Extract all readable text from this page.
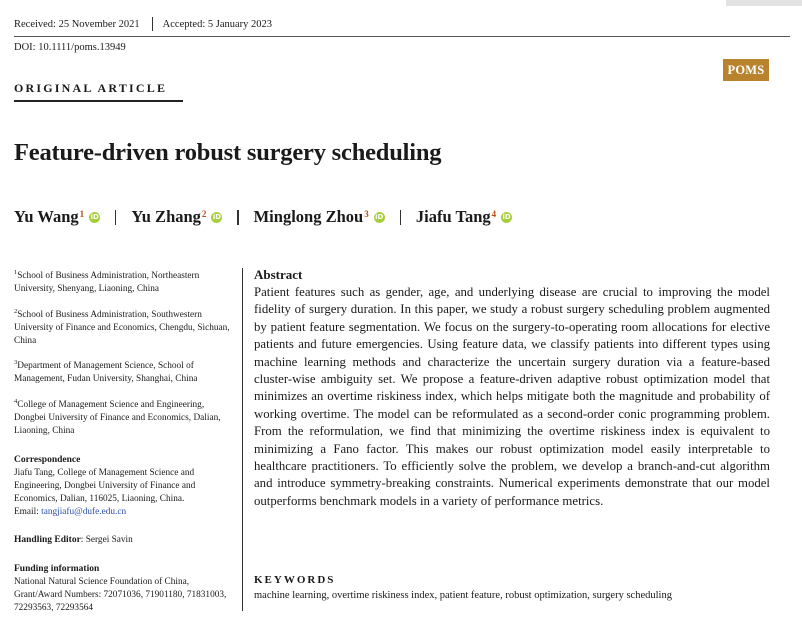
Received: 25 November 2021 Accepted: 5 January 2023
DOI: 10.1111/poms.13949
POMS
ORIGINAL ARTICLE
Feature-driven robust surgery scheduling
Yu Wang$^1$ iD Yu Zhang$^2$ iD Minglong Zhou$^3$ iD Jiafu Tang$^4$ iD
$^1$School of Business Administration, Northeastern University, Shenyang, Liaoning, China
$^2$School of Business Administration, Southwestern University of Finance and Economics, Chengdu, Sichuan, China
$^3$Department of Management Science, School of Management, Fudan University, Shanghai, China
$^4$College of Management Science and Engineering, Dongbei University of Finance and Economics, Dalian, Liaoning, China
Correspondence
Jiafu Tang, College of Management Science and Engineering, Dongbei University of Finance and Economics, Dalian, 116025, Liaoning, China.
Email: tangjiafu@dufe.edu.cn
Handling Editor: Sergei Savin
Funding information
National Natural Science Foundation of China, Grant/Award Numbers: 72071036, 71901180, 71831003, 72293563, 72293564
Abstract
Patient features such as gender, age, and underlying disease are crucial to improving the model fidelity of surgery duration. In this paper, we study a robust surgery scheduling problem augmented by patient feature segmentation. We focus on the surgery-to-operating room allocations for elective patients and future emergencies. Using feature data, we classify patients into different types using machine learning methods and characterize the uncertain surgery duration via a feature-based cluster-wise ambiguity set. We propose a feature-driven adaptive robust optimization model that minimizes an overtime riskiness index, which helps mitigate both the magnitude and probability of working overtime. The model can be reformulated as a second-order conic programming problem. From the reformulation, we find that minimizing the overtime riskiness index is equivalent to minimizing a Fano factor. This makes our robust optimization model easily interpretable to healthcare practitioners. To efficiently solve the problem, we develop a branch-and-cut algorithm and introduce symmetry-breaking constraints. Numerical experiments demonstrate that our model outperforms benchmark models in a variety of performance metrics.
KEYWORDS
machine learning, overtime riskiness index, patient feature, robust optimization, surgery scheduling
